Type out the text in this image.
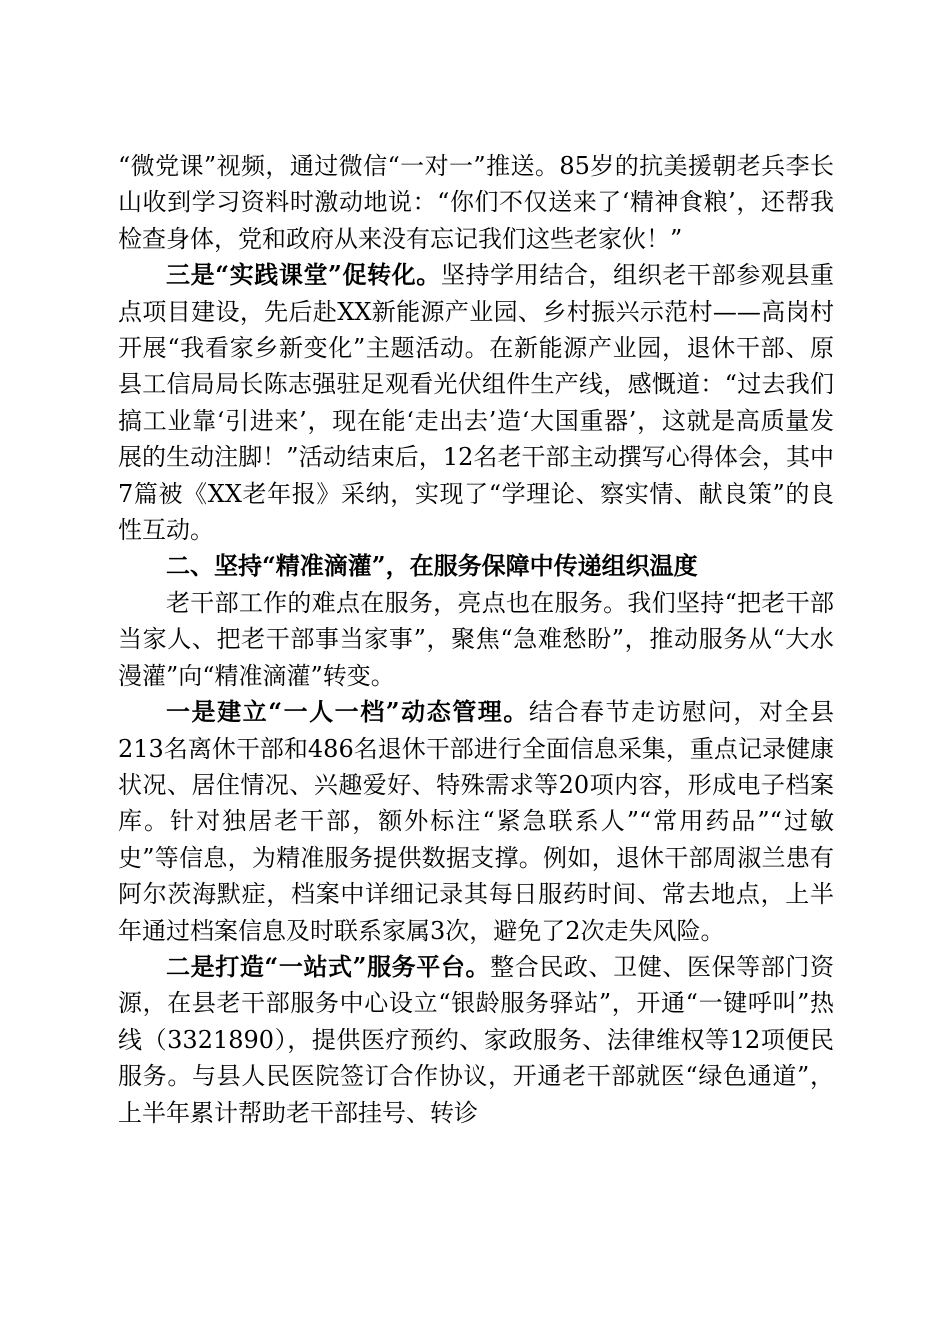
“微党课”视频，通过微信“一对一”推送。85岁的抗美援朝老兵李长山收到学习资料时激动地说：“你们不仅送来了‘精神食粮’，还帮我检查身体，党和政府从来没有忘记我们这些老家伙！”

三是“实践课堂”促转化。坚持学用结合，组织老干部参观县重点项目建设，先后赴XX新能源产业园、乡村振兴示范村——高岗村开展“我看家乡新变化”主题活动。在新能源产业园，退休干部、原县工信局局长陈志强驻足观看光伏组件生产线，感慨道：“过去我们搞工业靠‘引进来’，现在能‘走出去’造‘大国重器’，这就是高质量发展的生动注脚！”活动结束后，12名老干部主动撰写心得体会，其中7篇被《XX老年报》采纳，实现了“学理论、察实情、献良策”的良性互动。

二、坚持“精准滴灌”，在服务保障中传递组织温度

老干部工作的难点在服务，亮点也在服务。我们坚持“把老干部当家人、把老干部事当家事”，聚焦“急难愁盼”，推动服务从“大水漫灌”向“精准滴灌”转变。

一是建立“一人一档”动态管理。结合春节走访慰问，对全县213名离休干部和486名退休干部进行全面信息采集，重点记录健康状况、居住情况、兴趣爱好、特殊需求等20项内容，形成电子档案库。针对独居老干部，额外标注“紧急联系人”“常用药品”“过敏史”等信息，为精准服务提供数据支撑。例如，退休干部周淑兰患有阿尔茨海默症，档案中详细记录其每日服药时间、常去地点，上半年通过档案信息及时联系家属3次，避免了2次走失风险。

二是打造“一站式”服务平台。整合民政、卫健、医保等部门资源，在县老干部服务中心设立“银龄服务驿站”，开通“一键呼叫”热线（3321890），提供医疗预约、家政服务、法律维权等12项便民服务。与县人民医院签订合作协议，开通老干部就医“绿色通道”，上半年累计帮助老干部挂号、转诊
